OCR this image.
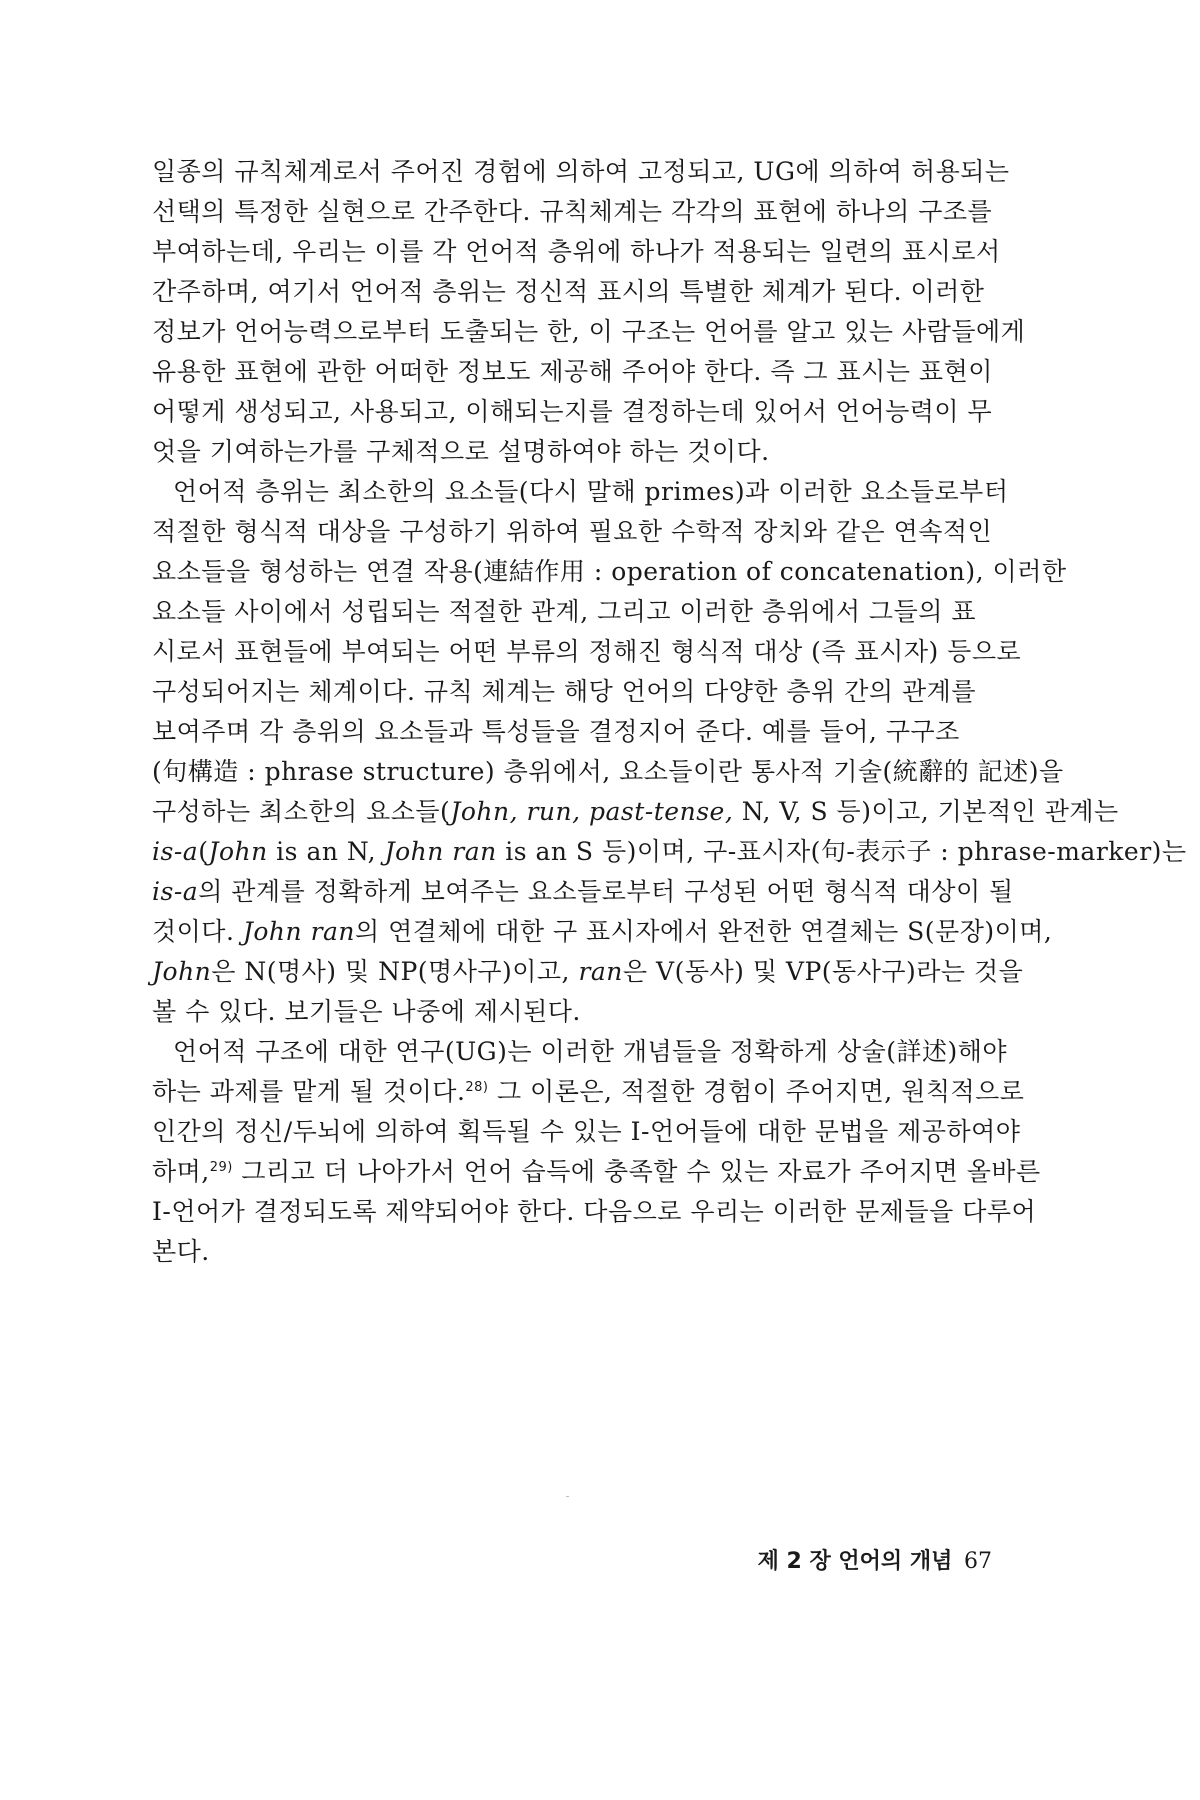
일종의 규칙체계로서 주어진 경험에 의하여 고정되고, UG에 의하여 허용되는
선택의 특정한 실현으로 간주한다. 규칙체계는 각각의 표현에 하나의 구조를
부여하는데, 우리는 이를 각 언어적 층위에 하나가 적용되는 일련의 표시로서
간주하며, 여기서 언어적 층위는 정신적 표시의 특별한 체계가 된다. 이러한
정보가 언어능력으로부터 도출되는 한, 이 구조는 언어를 알고 있는 사람들에게
유용한 표현에 관한 어떠한 정보도 제공해 주어야 한다. 즉 그 표시는 표현이
어떻게 생성되고, 사용되고, 이해되는지를 결정하는데 있어서 언어능력이 무
엇을 기여하는가를 구체적으로 설명하여야 하는 것이다.
언어적 층위는 최소한의 요소들(다시 말해 primes)과 이러한 요소들로부터
적절한 형식적 대상을 구성하기 위하여 필요한 수학적 장치와 같은 연속적인
요소들을 형성하는 연결 작용(連結作用 : operation of concatenation), 이러한
요소들 사이에서 성립되는 적절한 관계, 그리고 이러한 층위에서 그들의 표
시로서 표현들에 부여되는 어떤 부류의 정해진 형식적 대상 (즉 표시자) 등으로
구성되어지는 체계이다. 규칙 체계는 해당 언어의 다양한 층위 간의 관계를
보여주며 각 층위의 요소들과 특성들을 결정지어 준다. 예를 들어, 구구조
(句構造 : phrase structure) 층위에서, 요소들이란 통사적 기술(統辭的 記述)을
구성하는 최소한의 요소들(John, run, past-tense, N, V, S 등)이고, 기본적인 관계는
is-a(John is an N, John ran is an S 등)이며, 구-표시자(句-表示子 : phrase-marker)는
is-a의 관계를 정확하게 보여주는 요소들로부터 구성된 어떤 형식적 대상이 될
것이다. John ran의 연결체에 대한 구 표시자에서 완전한 연결체는 S(문장)이며,
John은 N(명사) 및 NP(명사구)이고, ran은 V(동사) 및 VP(동사구)라는 것을
볼 수 있다. 보기들은 나중에 제시된다.
언어적 구조에 대한 연구(UG)는 이러한 개념들을 정확하게 상술(詳述)해야
하는 과제를 맡게 될 것이다.$^{28)}$ 그 이론은, 적절한 경험이 주어지면, 원칙적으로
인간의 정신/두뇌에 의하여 획득될 수 있는 I-언어들에 대한 문법을 제공하여야
하며,$^{29)}$ 그리고 더 나아가서 언어 습득에 충족할 수 있는 자료가 주어지면 올바른
I-언어가 결정되도록 제약되어야 한다. 다음으로 우리는 이러한 문제들을 다루어
본다.
제 2 장 언어의 개념 67
